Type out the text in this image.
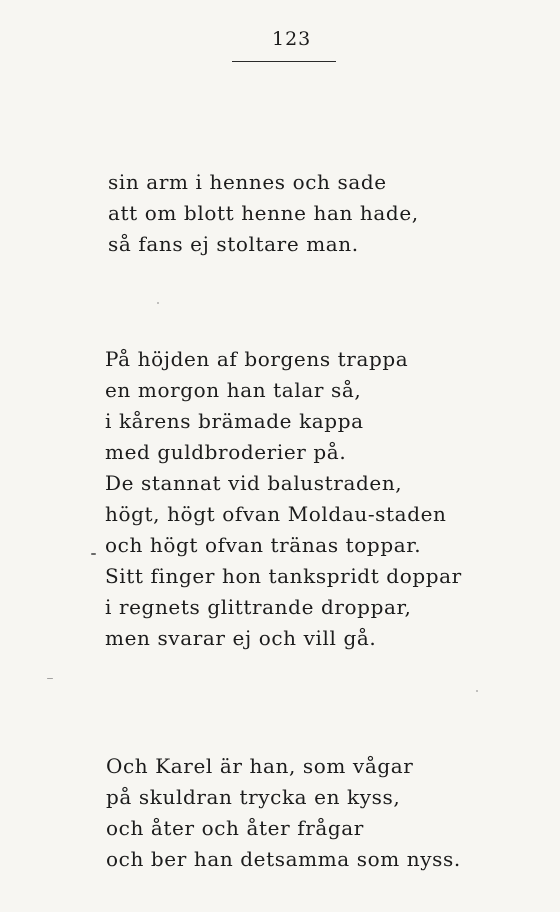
123
sin arm i hennes och sade
att om blott henne han hade,
så fans ej stoltare man.
På höjden af borgens trappa
en morgon han talar så,
i kårens brämade kappa
med guldbroderier på.
De stannat vid balustraden,
högt, högt ofvan Moldau-staden
och högt ofvan tränas toppar.
Sitt finger hon tankspridt doppar
i regnets glittrande droppar,
men svarar ej och vill gå.
Och Karel är han, som vågar
på skuldran trycka en kyss,
och åter och åter frågar
och ber han detsamma som nyss.
